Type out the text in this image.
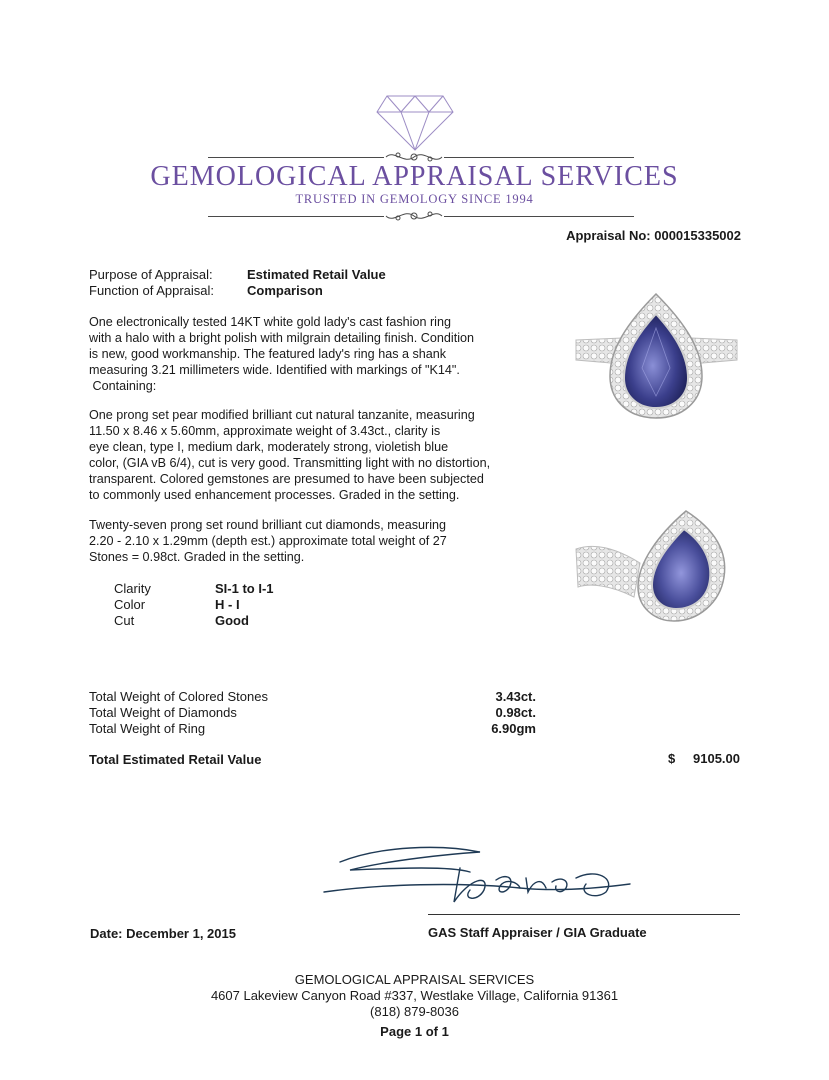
GEMOLOGICAL APPRAISAL SERVICES
TRUSTED IN GEMOLOGY SINCE 1994
Appraisal No: 000015335002
Purpose of Appraisal:	Estimated Retail Value
Function of Appraisal:	Comparison
One electronically tested 14KT white gold lady's cast fashion ring
with a halo with a bright polish with milgrain detailing finish. Condition
is new, good workmanship. The featured lady's ring has a shank
measuring 3.21 millimeters wide. Identified with markings of "K14".
Containing:
One prong set pear modified brilliant cut natural tanzanite, measuring
11.50 x 8.46 x 5.60mm, approximate weight of 3.43ct., clarity is
eye clean, type I, medium dark, moderately strong, violetish blue
color, (GIA vB 6/4), cut is very good. Transmitting light with no distortion,
transparent. Colored gemstones are presumed to have been subjected
to commonly used enhancement processes. Graded in the setting.
Twenty-seven prong set round brilliant cut diamonds, measuring
2.20 - 2.10 x 1.29mm (depth est.) approximate total weight of 27
Stones = 0.98ct. Graded in the setting.
Clarity	SI-1 to I-1
Color	H - I
Cut	Good
Total Weight of Colored Stones	3.43ct.
Total Weight of Diamonds	0.98ct.
Total Weight of Ring	6.90gm
Total Estimated Retail Value	$ 9105.00
Date: December 1, 2015	GAS Staff Appraiser / GIA Graduate
GEMOLOGICAL APPRAISAL SERVICES
4607 Lakeview Canyon Road #337, Westlake Village, California 91361
(818) 879-8036
Page 1 of 1
